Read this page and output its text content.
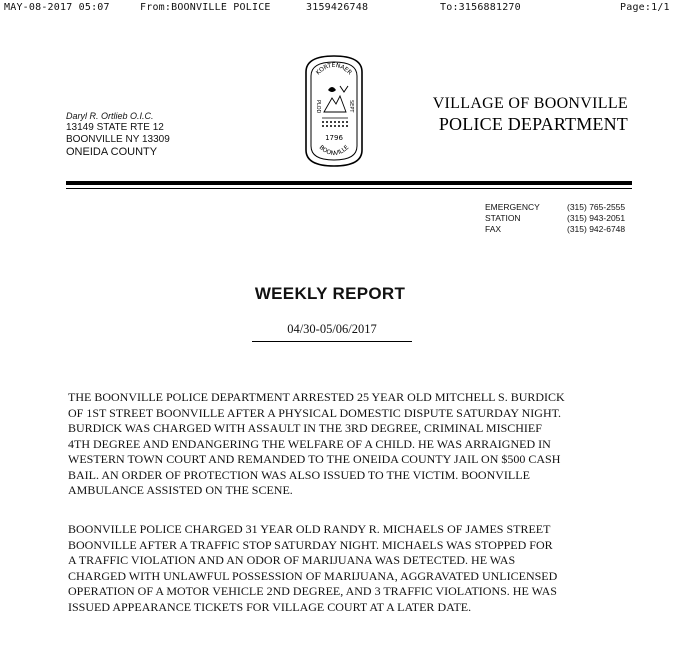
MAY-08-2017 05:07	From:BOONVILLE POLICE	3159426748	To:3156881270	Page:1/1
Daryl R. Ortlieb O.I.C.
13149 STATE RTE 12
BOONVILLE NY 13309
ONEIDA COUNTY
KORTENAER
PLOD	SEPT
1796
BOONVILLE
VILLAGE OF BOONVILLE
POLICE DEPARTMENT
EMERGENCY	(315) 765-2555
STATION	(315) 943-2051
FAX	(315) 942-6748
WEEKLY REPORT
04/30-05/06/2017
THE BOONVILLE POLICE DEPARTMENT ARRESTED 25 YEAR OLD MITCHELL S. BURDICK
OF 1ST STREET BOONVILLE AFTER A PHYSICAL DOMESTIC DISPUTE SATURDAY NIGHT.
BURDICK WAS CHARGED WITH ASSAULT IN THE 3RD DEGREE, CRIMINAL MISCHIEF
4TH DEGREE AND ENDANGERING THE WELFARE OF A CHILD. HE WAS ARRAIGNED IN
WESTERN TOWN COURT AND REMANDED TO THE ONEIDA COUNTY JAIL ON $500 CASH
BAIL. AN ORDER OF PROTECTION WAS ALSO ISSUED TO THE VICTIM. BOONVILLE
AMBULANCE ASSISTED ON THE SCENE.
BOONVILLE POLICE CHARGED 31 YEAR OLD RANDY R. MICHAELS OF JAMES STREET
BOONVILLE AFTER A TRAFFIC STOP SATURDAY NIGHT. MICHAELS WAS STOPPED FOR
A TRAFFIC VIOLATION AND AN ODOR OF MARIJUANA WAS DETECTED. HE WAS
CHARGED WITH UNLAWFUL POSSESSION OF MARIJUANA, AGGRAVATED UNLICENSED
OPERATION OF A MOTOR VEHICLE 2ND DEGREE, AND 3 TRAFFIC VIOLATIONS. HE WAS
ISSUED APPEARANCE TICKETS FOR VILLAGE COURT AT A LATER DATE.
